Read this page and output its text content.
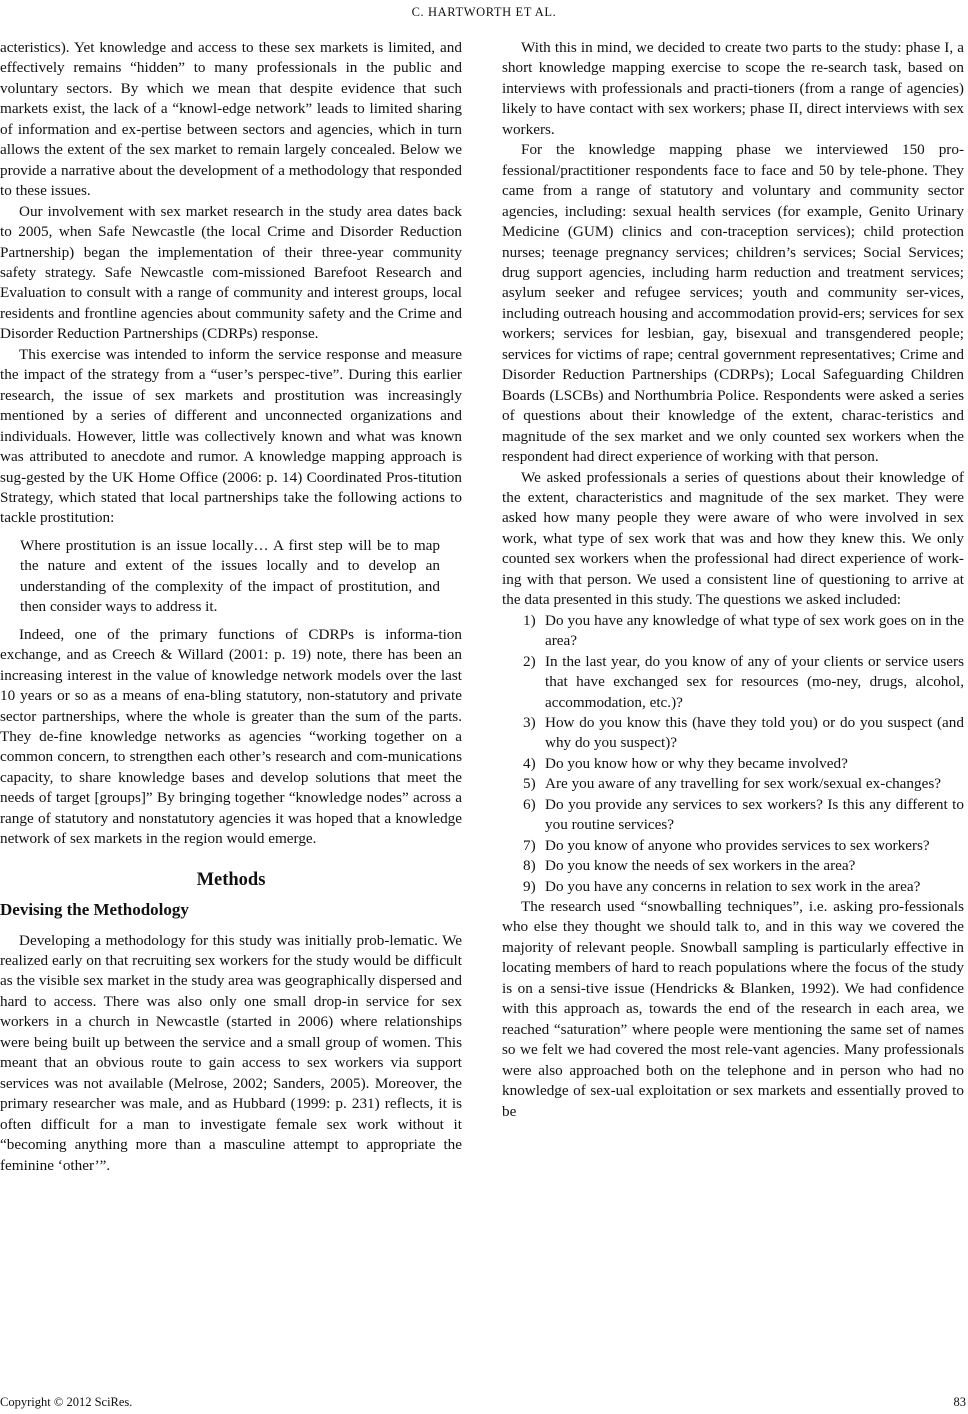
C. HARTWORTH ET AL.

acteristics). Yet knowledge and access to these sex markets is limited, and effectively remains “hidden” to many professionals in the public and voluntary sectors. By which we mean that despite evidence that such markets exist, the lack of a “knowl-edge network” leads to limited sharing of information and ex-pertise between sectors and agencies, which in turn allows the extent of the sex market to remain largely concealed. Below we provide a narrative about the development of a methodology that responded to these issues.

Our involvement with sex market research in the study area dates back to 2005, when Safe Newcastle (the local Crime and Disorder Reduction Partnership) began the implementation of their three-year community safety strategy. Safe Newcastle com-missioned Barefoot Research and Evaluation to consult with a range of community and interest groups, local residents and frontline agencies about community safety and the Crime and Disorder Reduction Partnerships (CDRPs) response.

This exercise was intended to inform the service response and measure the impact of the strategy from a “user’s perspec-tive”. During this earlier research, the issue of sex markets and prostitution was increasingly mentioned by a series of different and unconnected organizations and individuals. However, little was collectively known and what was known was attributed to anecdote and rumor. A knowledge mapping approach is sug-gested by the UK Home Office (2006: p. 14) Coordinated Pros-titution Strategy, which stated that local partnerships take the following actions to tackle prostitution:

Where prostitution is an issue locally… A first step will be to map the nature and extent of the issues locally and to develop an understanding of the complexity of the impact of prostitution, and then consider ways to address it.

Indeed, one of the primary functions of CDRPs is informa-tion exchange, and as Creech & Willard (2001: p. 19) note, there has been an increasing interest in the value of knowledge network models over the last 10 years or so as a means of ena-bling statutory, non-statutory and private sector partnerships, where the whole is greater than the sum of the parts. They de-fine knowledge networks as agencies “working together on a common concern, to strengthen each other’s research and com-munications capacity, to share knowledge bases and develop solutions that meet the needs of target [groups]” By bringing together “knowledge nodes” across a range of statutory and nonstatutory agencies it was hoped that a knowledge network of sex markets in the region would emerge.

Methods
Devising the Methodology

Developing a methodology for this study was initially prob-lematic. We realized early on that recruiting sex workers for the study would be difficult as the visible sex market in the study area was geographically dispersed and hard to access. There was also only one small drop-in service for sex workers in a church in Newcastle (started in 2006) where relationships were being built up between the service and a small group of women. This meant that an obvious route to gain access to sex workers via support services was not available (Melrose, 2002; Sanders, 2005). Moreover, the primary researcher was male, and as Hubbard (1999: p. 231) reflects, it is often difficult for a man to investigate female sex work without it “becoming anything more than a masculine attempt to appropriate the feminine ‘other’”.

With this in mind, we decided to create two parts to the study: phase I, a short knowledge mapping exercise to scope the re-search task, based on interviews with professionals and practi-tioners (from a range of agencies) likely to have contact with sex workers; phase II, direct interviews with sex workers.

For the knowledge mapping phase we interviewed 150 pro-fessional/practitioner respondents face to face and 50 by tele-phone. They came from a range of statutory and voluntary and community sector agencies, including: sexual health services (for example, Genito Urinary Medicine (GUM) clinics and con-traception services); child protection nurses; teenage pregnancy services; children’s services; Social Services; drug support agencies, including harm reduction and treatment services; asylum seeker and refugee services; youth and community ser-vices, including outreach housing and accommodation provid-ers; services for sex workers; services for lesbian, gay, bisexual and transgendered people; services for victims of rape; central government representatives; Crime and Disorder Reduction Partnerships (CDRPs); Local Safeguarding Children Boards (LSCBs) and Northumbria Police. Respondents were asked a series of questions about their knowledge of the extent, charac-teristics and magnitude of the sex market and we only counted sex workers when the respondent had direct experience of working with that person.

We asked professionals a series of questions about their knowledge of the extent, characteristics and magnitude of the sex market. They were asked how many people they were aware of who were involved in sex work, what type of sex work that was and how they knew this. We only counted sex workers when the professional had direct experience of work-ing with that person. We used a consistent line of questioning to arrive at the data presented in this study. The questions we asked included:

1) Do you have any knowledge of what type of sex work goes on in the area?
2) In the last year, do you know of any of your clients or service users that have exchanged sex for resources (mo-ney, drugs, alcohol, accommodation, etc.)?
3) How do you know this (have they told you) or do you suspect (and why do you suspect)?
4) Do you know how or why they became involved?
5) Are you aware of any travelling for sex work/sexual ex-changes?
6) Do you provide any services to sex workers? Is this any different to you routine services?
7) Do you know of anyone who provides services to sex workers?
8) Do you know the needs of sex workers in the area?
9) Do you have any concerns in relation to sex work in the area?

The research used “snowballing techniques”, i.e. asking pro-fessionals who else they thought we should talk to, and in this way we covered the majority of relevant people. Snowball sampling is particularly effective in locating members of hard to reach populations where the focus of the study is on a sensi-tive issue (Hendricks & Blanken, 1992). We had confidence with this approach as, towards the end of the research in each area, we reached “saturation” where people were mentioning the same set of names so we felt we had covered the most rele-vant agencies. Many professionals were also approached both on the telephone and in person who had no knowledge of sex-ual exploitation or sex markets and essentially proved to be

Copyright © 2012 SciRes.	83
